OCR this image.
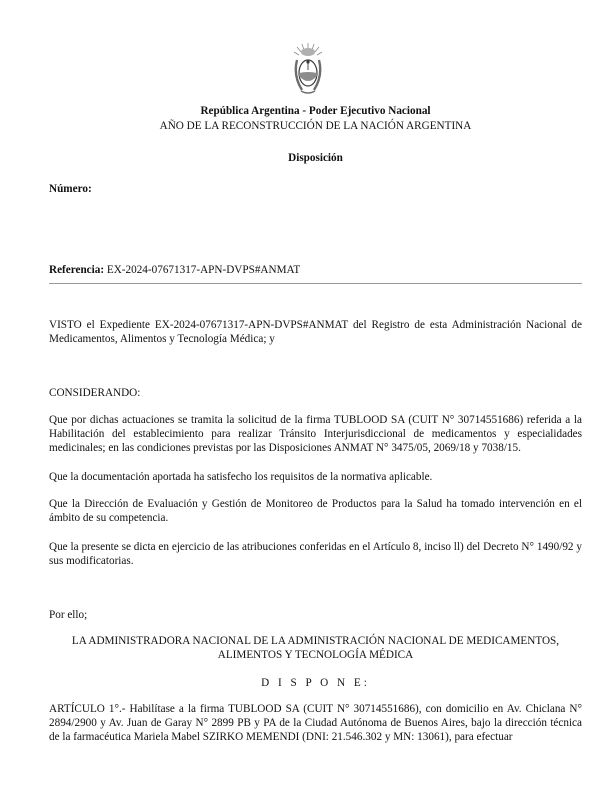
República Argentina - Poder Ejecutivo Nacional
AÑO DE LA RECONSTRUCCIÓN DE LA NACIÓN ARGENTINA
Disposición
Número:
Referencia: EX-2024-07671317-APN-DVPS#ANMAT
VISTO el Expediente EX-2024-07671317-APN-DVPS#ANMAT del Registro de esta Administración Nacional de Medicamentos, Alimentos y Tecnología Médica; y
CONSIDERANDO:
Que por dichas actuaciones se tramita la solicitud de la firma TUBLOOD SA (CUIT N° 30714551686) referida a la Habilitación del establecimiento para realizar Tránsito Interjurisdiccional de medicamentos y especialidades medicinales; en las condiciones previstas por las Disposiciones ANMAT N° 3475/05, 2069/18 y 7038/15.
Que la documentación aportada ha satisfecho los requisitos de la normativa aplicable.
Que la Dirección de Evaluación y Gestión de Monitoreo de Productos para la Salud ha tomado intervención en el ámbito de su competencia.
Que la presente se dicta en ejercicio de las atribuciones conferidas en el Artículo 8, inciso ll) del Decreto N° 1490/92 y sus modificatorias.
Por ello;
LA ADMINISTRADORA NACIONAL DE LA ADMINISTRACIÓN NACIONAL DE MEDICAMENTOS,
ALIMENTOS Y TECNOLOGÍA MÉDICA
D I S P O N E:
ARTÍCULO 1°.- Habilítase a la firma TUBLOOD SA (CUIT N° 30714551686), con domicilio en Av. Chiclana N° 2894/2900 y Av. Juan de Garay N° 2899 PB y PA de la Ciudad Autónoma de Buenos Aires, bajo la dirección técnica de la farmacéutica Mariela Mabel SZIRKO MEMENDI (DNI: 21.546.302 y MN: 13061), para efectuar
